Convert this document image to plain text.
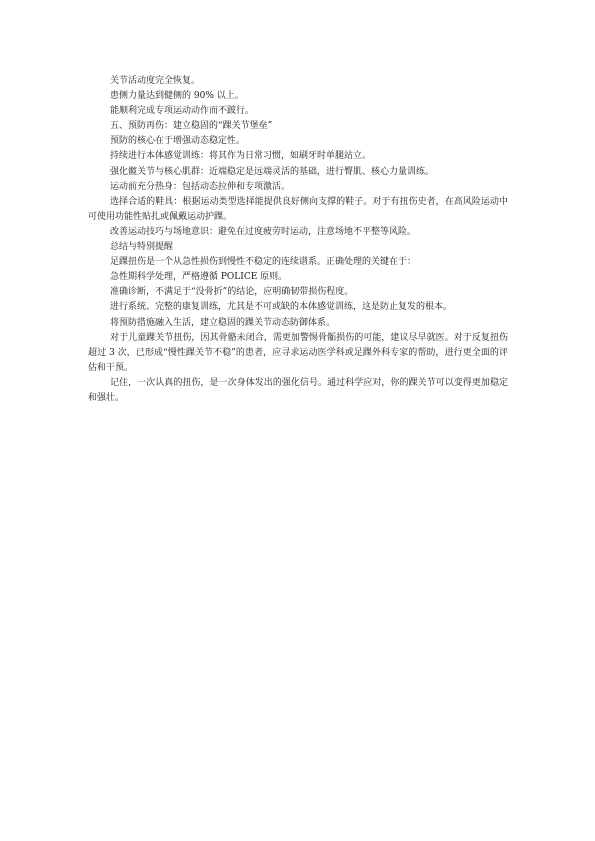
关节活动度完全恢复。

患侧力量达到健侧的 90% 以上。

能顺利完成专项运动动作而不跛行。

五、预防再伤：建立稳固的“踝关节堡垒”

预防的核心在于增强动态稳定性。

持续进行本体感觉训练：将其作为日常习惯，如刷牙时单腿站立。

强化髋关节与核心肌群：近端稳定是远端灵活的基础，进行臀肌、核心力量训练。

运动前充分热身：包括动态拉伸和专项激活。

选择合适的鞋具：根据运动类型选择能提供良好侧向支撑的鞋子。对于有扭伤史者，在高风险运动中可使用功能性贴扎或佩戴运动护踝。

改善运动技巧与场地意识：避免在过度疲劳时运动，注意场地不平整等风险。

总结与特别提醒

足踝扭伤是一个从急性损伤到慢性不稳定的连续谱系。正确处理的关键在于：

急性期科学处理，严格遵循 POLICE 原则。

准确诊断，不满足于“没骨折”的结论，应明确韧带损伤程度。

进行系统、完整的康复训练，尤其是不可或缺的本体感觉训练，这是防止复发的根本。

将预防措施融入生活，建立稳固的踝关节动态防御体系。

对于儿童踝关节扭伤，因其骨骼未闭合，需更加警惕骨骺损伤的可能，建议尽早就医。对于反复扭伤超过 3 次，已形成“慢性踝关节不稳”的患者，应寻求运动医学科或足踝外科专家的帮助，进行更全面的评估和干预。

记住，一次认真的扭伤，是一次身体发出的强化信号。通过科学应对，你的踝关节可以变得更加稳定和强壮。
